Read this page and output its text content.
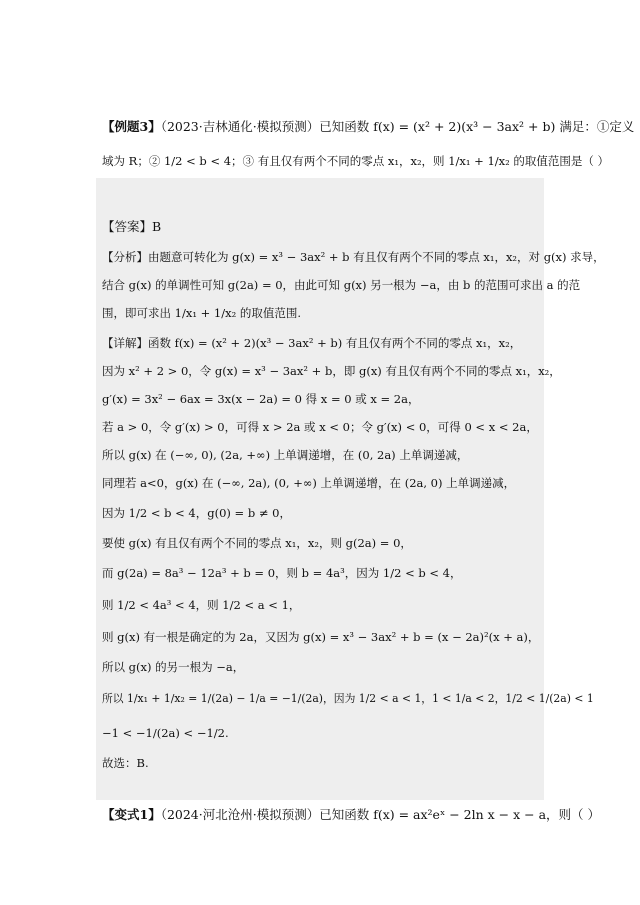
【例题3】（2023·吉林通化·模拟预测）已知函数 f(x) = (x² + 2)(x³ − 3ax² + b) 满足：①定义
域为 R；② 1/2 < b < 4；③ 有且仅有两个不同的零点 x₁，x₂，则 1/x₁ + 1/x₂ 的取值范围是（ ）
【答案】B
【分析】由题意可转化为 g(x) = x³ − 3ax² + b 有且仅有两个不同的零点 x₁，x₂，对 g(x) 求导，
结合 g(x) 的单调性可知 g(2a) = 0，由此可知 g(x) 另一根为 −a，由 b 的范围可求出 a 的范
围，即可求出 1/x₁ + 1/x₂ 的取值范围.
【详解】函数 f(x) = (x² + 2)(x³ − 3ax² + b) 有且仅有两个不同的零点 x₁，x₂，
因为 x² + 2 > 0，令 g(x) = x³ − 3ax² + b，即 g(x) 有且仅有两个不同的零点 x₁，x₂，
g′(x) = 3x² − 6ax = 3x(x − 2a) = 0 得 x = 0 或 x = 2a，
若 a > 0，令 g′(x) > 0，可得 x > 2a 或 x < 0；令 g′(x) < 0，可得 0 < x < 2a，
所以 g(x) 在 (−∞, 0), (2a, +∞) 上单调递增，在 (0, 2a) 上单调递减，
同理若 a<0，g(x) 在 (−∞, 2a), (0, +∞) 上单调递增，在 (2a, 0) 上单调递减，
因为 1/2 < b < 4，g(0) = b ≠ 0，
要使 g(x) 有且仅有两个不同的零点 x₁，x₂，则 g(2a) = 0，
而 g(2a) = 8a³ − 12a³ + b = 0，则 b = 4a³，因为 1/2 < b < 4，
则 1/2 < 4a³ < 4，则 1/2 < a < 1，
则 g(x) 有一根是确定的为 2a，又因为 g(x) = x³ − 3ax² + b = (x − 2a)²(x + a)，
所以 g(x) 的另一根为 −a，
所以 1/x₁ + 1/x₂ = 1/(2a) − 1/a = −1/(2a)，因为 1/2 < a < 1，1 < 1/a < 2，1/2 < 1/(2a) < 1
−1 < −1/(2a) < −1/2.
故选：B.
【变式1】（2024·河北沧州·模拟预测）已知函数 f(x) = ax²eˣ − 2ln x − x − a，则（ ）
